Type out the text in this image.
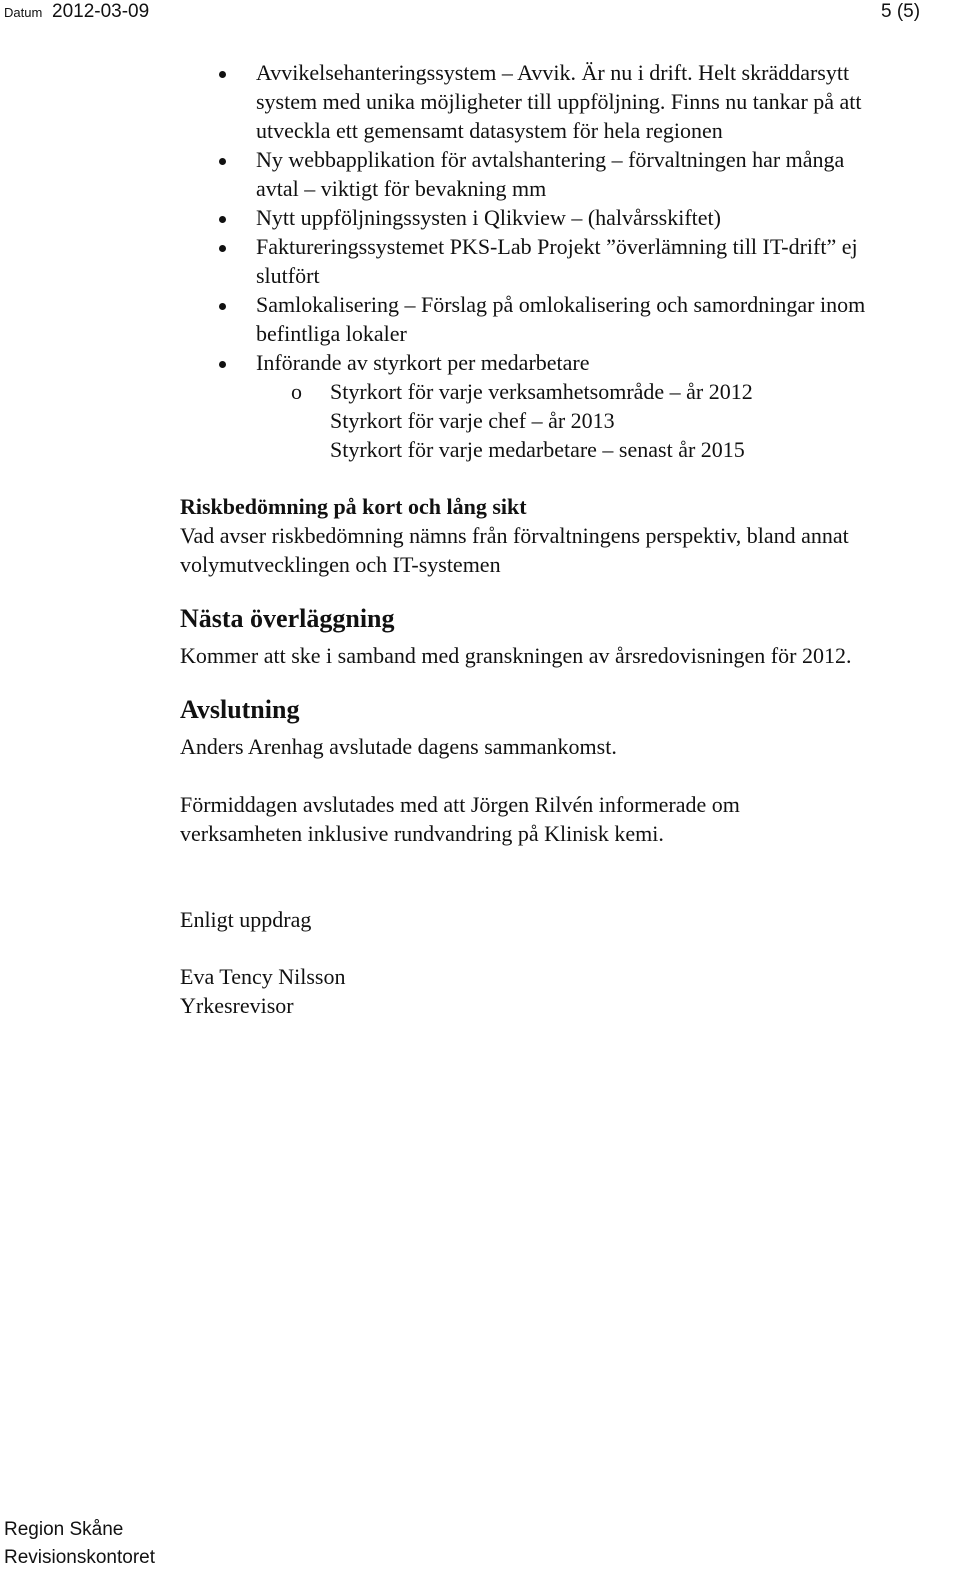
Datum 2012-03-09	5 (5)
Avvikelsehanteringssystem – Avvik. Är nu i drift. Helt skräddarsytt
system med unika möjligheter till uppföljning. Finns nu tankar på att
utveckla ett gemensamt datasystem för hela regionen
Ny webbapplikation för avtalshantering – förvaltningen har många
avtal – viktigt för bevakning mm
Nytt uppföljningssysten i Qlikview – (halvårsskiftet)
Faktureringssystemet PKS-Lab Projekt ”överlämning till IT-drift” ej
slutfört
Samlokalisering – Förslag på omlokalisering och samordningar inom
befintliga lokaler
Införande av styrkort per medarbetare
o Styrkort för varje verksamhetsområde – år 2012
Styrkort för varje chef – år 2013
Styrkort för varje medarbetare – senast år 2015
Riskbedömning på kort och lång sikt
Vad avser riskbedömning nämns från förvaltningens perspektiv, bland annat
volymutvecklingen och IT-systemen
Nästa överläggning
Kommer att ske i samband med granskningen av årsredovisningen för 2012.
Avslutning
Anders Arenhag avslutade dagens sammankomst.
Förmiddagen avslutades med att Jörgen Rilvén informerade om
verksamheten inklusive rundvandring på Klinisk kemi.
Enligt uppdrag
Eva Tency Nilsson
Yrkesrevisor
Region Skåne
Revisionskontoret
